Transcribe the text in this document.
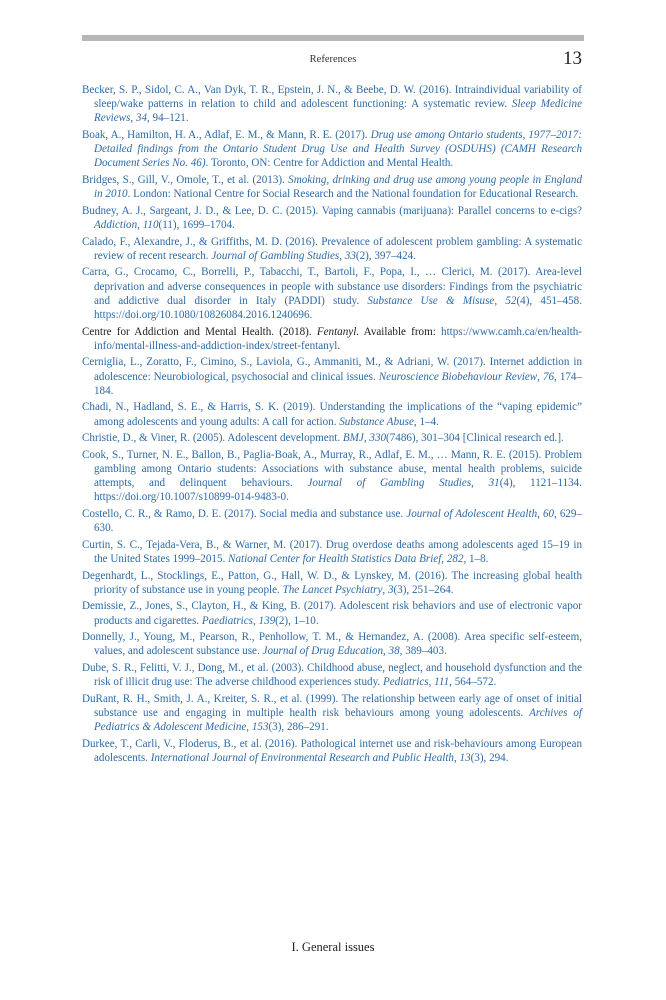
References	13

Becker, S. P., Sidol, C. A., Van Dyk, T. R., Epstein, J. N., & Beebe, D. W. (2016). Intraindividual variability of sleep/wake patterns in relation to child and adolescent functioning: A systematic review. Sleep Medicine Reviews, 34, 94–121.

Boak, A., Hamilton, H. A., Adlaf, E. M., & Mann, R. E. (2017). Drug use among Ontario students, 1977–2017: Detailed findings from the Ontario Student Drug Use and Health Survey (OSDUHS) (CAMH Research Document Series No. 46). Toronto, ON: Centre for Addiction and Mental Health.

Bridges, S., Gill, V., Omole, T., et al. (2013). Smoking, drinking and drug use among young people in England in 2010. London: National Centre for Social Research and the National foundation for Educational Research.

Budney, A. J., Sargeant, J. D., & Lee, D. C. (2015). Vaping cannabis (marijuana): Parallel concerns to e-cigs? Addiction, 110(11), 1699–1704.

Calado, F., Alexandre, J., & Griffiths, M. D. (2016). Prevalence of adolescent problem gambling: A systematic review of recent research. Journal of Gambling Studies, 33(2), 397–424.

Carra, G., Crocamo, C., Borrelli, P., Tabacchi, T., Bartoli, F., Popa, I., … Clerici, M. (2017). Area-level deprivation and adverse consequences in people with substance use disorders: Findings from the psychiatric and addictive dual disorder in Italy (PADDI) study. Substance Use & Misuse, 52(4), 451–458. https://doi.org/10.1080/10826084.2016.1240696.

Centre for Addiction and Mental Health. (2018). Fentanyl. Available from: https://www.camh.ca/en/health-info/mental-illness-and-addiction-index/street-fentanyl.

Cerniglia, L., Zoratto, F., Cimino, S., Laviola, G., Ammaniti, M., & Adriani, W. (2017). Internet addiction in adolescence: Neurobiological, psychosocial and clinical issues. Neuroscience Biobehaviour Review, 76, 174–184.

Chadi, N., Hadland, S. E., & Harris, S. K. (2019). Understanding the implications of the “vaping epidemic” among adolescents and young adults: A call for action. Substance Abuse, 1–4.

Christie, D., & Viner, R. (2005). Adolescent development. BMJ, 330(7486), 301–304 [Clinical research ed.].

Cook, S., Turner, N. E., Ballon, B., Paglia-Boak, A., Murray, R., Adlaf, E. M., … Mann, R. E. (2015). Problem gambling among Ontario students: Associations with substance abuse, mental health problems, suicide attempts, and delinquent behaviours. Journal of Gambling Studies, 31(4), 1121–1134. https://doi.org/10.1007/s10899-014-9483-0.

Costello, C. R., & Ramo, D. E. (2017). Social media and substance use. Journal of Adolescent Health, 60, 629–630.

Curtin, S. C., Tejada-Vera, B., & Warner, M. (2017). Drug overdose deaths among adolescents aged 15–19 in the United States 1999–2015. National Center for Health Statistics Data Brief, 282, 1–8.

Degenhardt, L., Stocklings, E., Patton, G., Hall, W. D., & Lynskey, M. (2016). The increasing global health priority of substance use in young people. The Lancet Psychiatry, 3(3), 251–264.

Demissie, Z., Jones, S., Clayton, H., & King, B. (2017). Adolescent risk behaviors and use of electronic vapor products and cigarettes. Paediatrics, 139(2), 1–10.

Donnelly, J., Young, M., Pearson, R., Penhollow, T. M., & Hernandez, A. (2008). Area specific self-esteem, values, and adolescent substance use. Journal of Drug Education, 38, 389–403.

Dube, S. R., Felitti, V. J., Dong, M., et al. (2003). Childhood abuse, neglect, and household dysfunction and the risk of illicit drug use: The adverse childhood experiences study. Pediatrics, 111, 564–572.

DuRant, R. H., Smith, J. A., Kreiter, S. R., et al. (1999). The relationship between early age of onset of initial substance use and engaging in multiple health risk behaviours among young adolescents. Archives of Pediatrics & Adolescent Medicine, 153(3), 286–291.

Durkee, T., Carli, V., Floderus, B., et al. (2016). Pathological internet use and risk-behaviours among European adolescents. International Journal of Environmental Research and Public Health, 13(3), 294.

I. General issues
